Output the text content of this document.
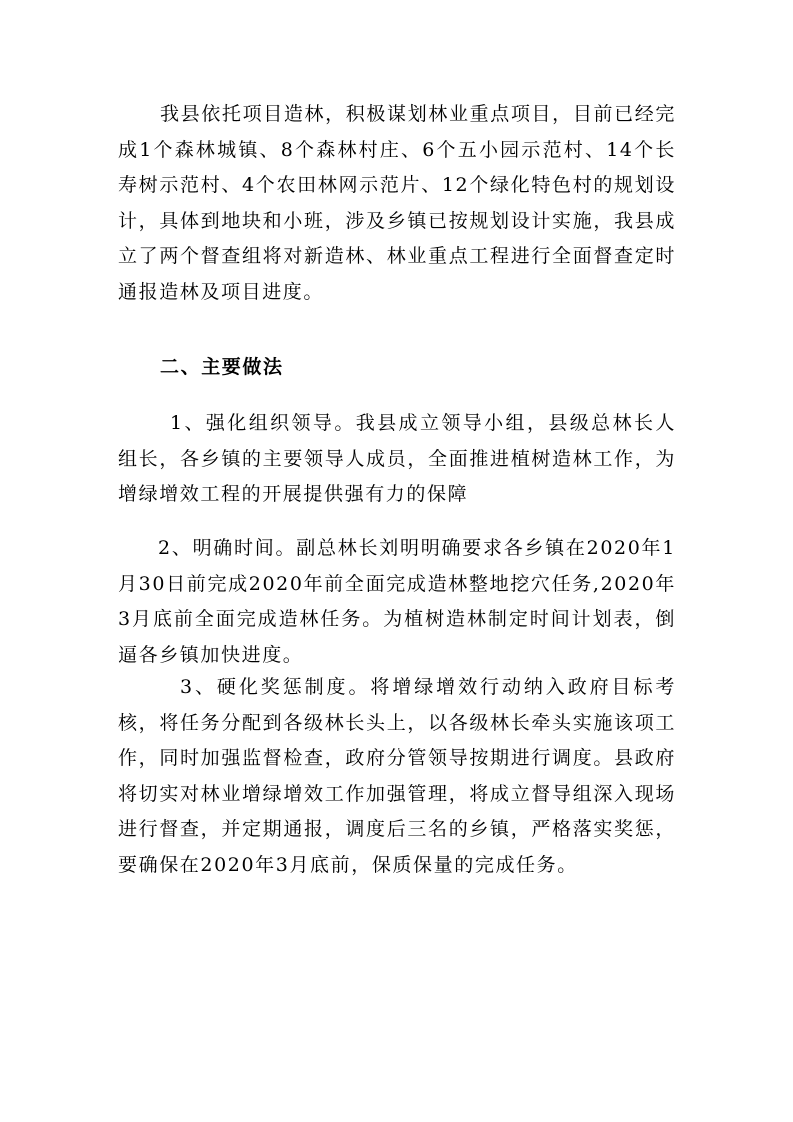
我县依托项目造林，积极谋划林业重点项目，目前已经完成1个森林城镇、8个森林村庄、6个五小园示范村、14个长寿树示范村、4个农田林网示范片、12个绿化特色村的规划设计，具体到地块和小班，涉及乡镇已按规划设计实施，我县成立了两个督查组将对新造林、林业重点工程进行全面督查定时通报造林及项目进度。

二、主要做法

1、强化组织领导。我县成立领导小组，县级总林长人组长，各乡镇的主要领导人成员，全面推进植树造林工作，为增绿增效工程的开展提供强有力的保障

2、明确时间。副总林长刘明明确要求各乡镇在2020年1月30日前完成2020年前全面完成造林整地挖穴任务,2020年3月底前全面完成造林任务。为植树造林制定时间计划表，倒逼各乡镇加快进度。

3、硬化奖惩制度。将增绿增效行动纳入政府目标考核，将任务分配到各级林长头上，以各级林长牵头实施该项工作，同时加强监督检查，政府分管领导按期进行调度。县政府将切实对林业增绿增效工作加强管理，将成立督导组深入现场进行督查，并定期通报，调度后三名的乡镇，严格落实奖惩，要确保在2020年3月底前，保质保量的完成任务。
